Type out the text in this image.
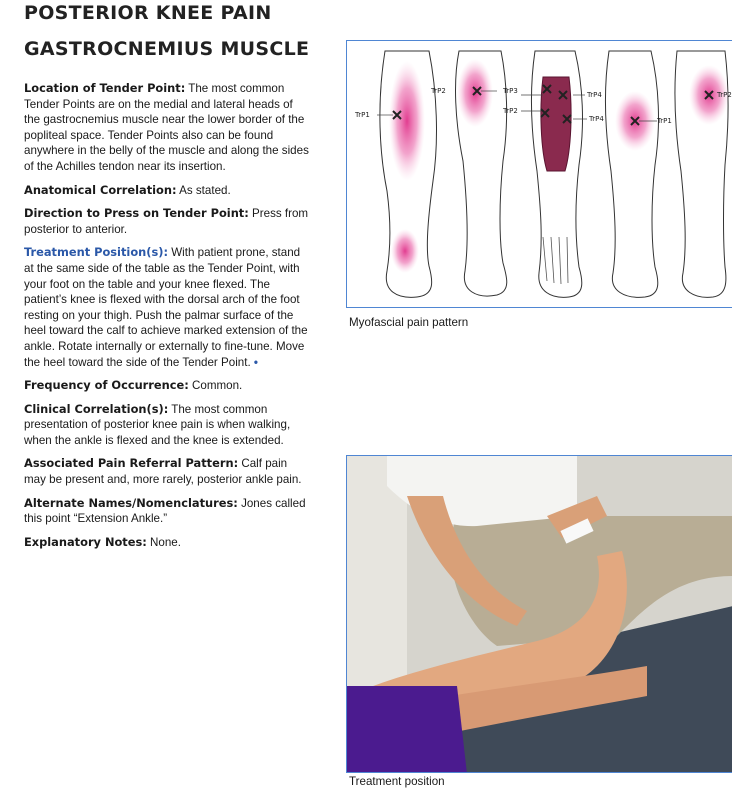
POSTERIOR KNEE PAIN
GASTROCNEMIUS MUSCLE

Location of Tender Point: The most common Tender Points are on the medial and lateral heads of the gastrocnemius muscle near the lower border of the popliteal space. Tender Points also can be found anywhere in the belly of the muscle and along the sides of the Achilles tendon near its insertion.

Anatomical Correlation: As stated.

Direction to Press on Tender Point: Press from posterior to anterior.

Treatment Position(s): With patient prone, stand at the same side of the table as the Tender Point, with your foot on the table and your knee flexed. The patient’s knee is flexed with the dorsal arch of the foot resting on your thigh. Push the palmar surface of the heel toward the calf to achieve marked extension of the ankle. Rotate internally or externally to fine-tune. Move the heel toward the side of the Tender Point. •

Frequency of Occurrence: Common.

Clinical Correlation(s): The most common presentation of posterior knee pain is when walking, when the ankle is flexed and the knee is extended.

Associated Pain Referral Pattern: Calf pain may be present and, more rarely, posterior ankle pain.

Alternate Names/Nomenclatures: Jones called this point “Extension Ankle.”

Explanatory Notes: None.

TrP1
TrP2	TrP3	TrP4
TrP2
TrP4	TrP1
TrP2
Myofascial pain pattern
Treatment position
